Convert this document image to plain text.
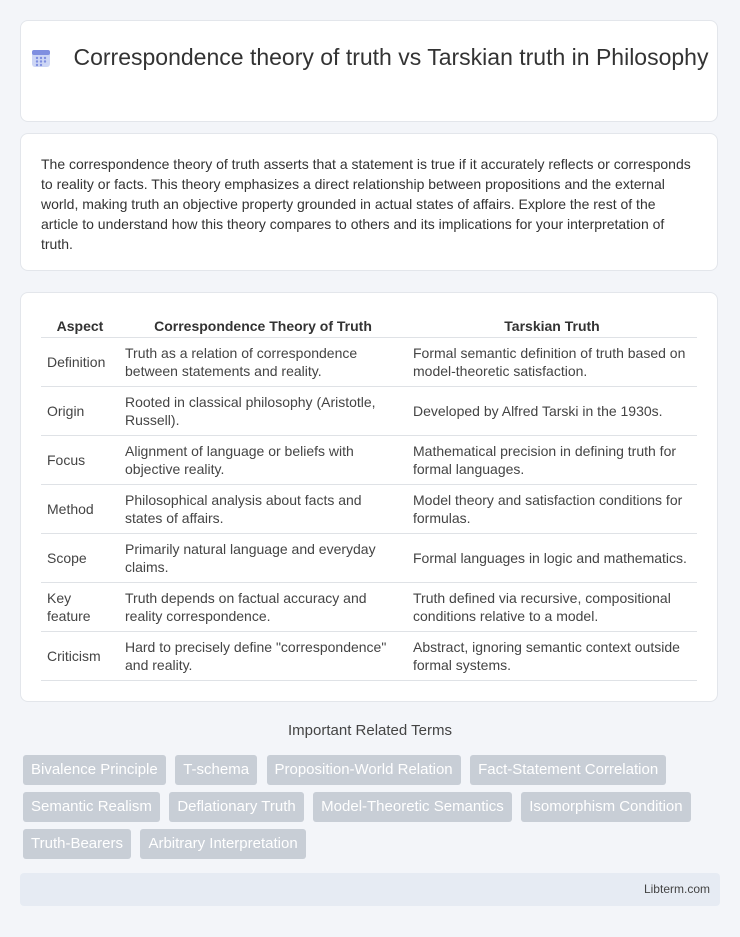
Correspondence theory of truth vs Tarskian truth in Philosophy
The correspondence theory of truth asserts that a statement is true if it accurately reflects or corresponds to reality or facts. This theory emphasizes a direct relationship between propositions and the external world, making truth an objective property grounded in actual states of affairs. Explore the rest of the article to understand how this theory compares to others and its implications for your interpretation of truth.
Aspect	Correspondence Theory of Truth	Tarskian Truth
Definition	Truth as a relation of correspondence between statements and reality.	Formal semantic definition of truth based on model-theoretic satisfaction.
Origin	Rooted in classical philosophy (Aristotle, Russell).	Developed by Alfred Tarski in the 1930s.
Focus	Alignment of language or beliefs with objective reality.	Mathematical precision in defining truth for formal languages.
Method	Philosophical analysis about facts and states of affairs.	Model theory and satisfaction conditions for formulas.
Scope	Primarily natural language and everyday claims.	Formal languages in logic and mathematics.
Key feature	Truth depends on factual accuracy and reality correspondence.	Truth defined via recursive, compositional conditions relative to a model.
Criticism	Hard to precisely define "correspondence" and reality.	Abstract, ignoring semantic context outside formal systems.
Important Related Terms
Bivalence Principle T-schema Proposition-World Relation Fact-Statement Correlation Semantic Realism Deflationary Truth Model-Theoretic Semantics Isomorphism Condition Truth-Bearers Arbitrary Interpretation
Libterm.com
